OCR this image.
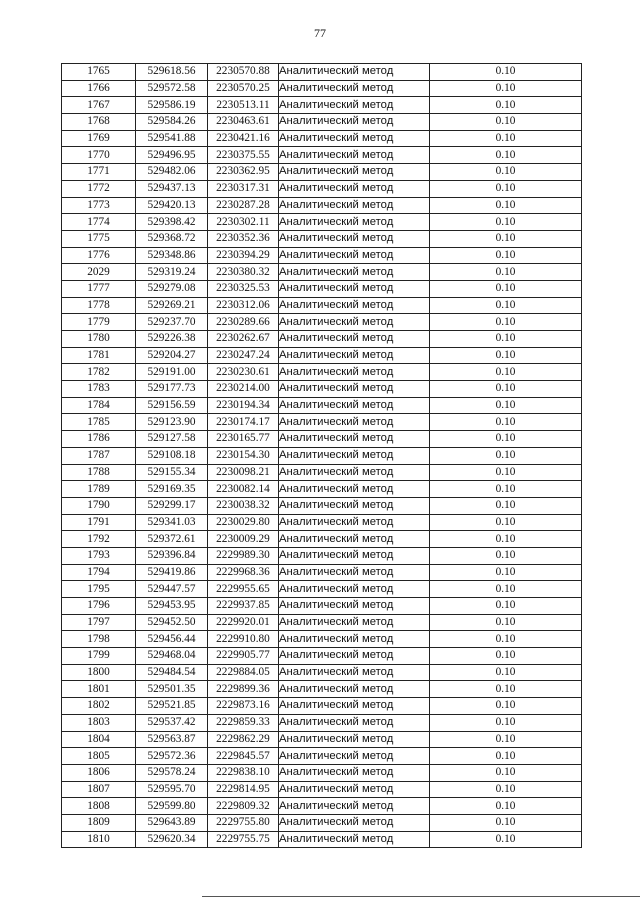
77
1765	529618.56	2230570.88	Аналитический метод	0.10
1766	529572.58	2230570.25	Аналитический метод	0.10
1767	529586.19	2230513.11	Аналитический метод	0.10
1768	529584.26	2230463.61	Аналитический метод	0.10
1769	529541.88	2230421.16	Аналитический метод	0.10
1770	529496.95	2230375.55	Аналитический метод	0.10
1771	529482.06	2230362.95	Аналитический метод	0.10
1772	529437.13	2230317.31	Аналитический метод	0.10
1773	529420.13	2230287.28	Аналитический метод	0.10
1774	529398.42	2230302.11	Аналитический метод	0.10
1775	529368.72	2230352.36	Аналитический метод	0.10
1776	529348.86	2230394.29	Аналитический метод	0.10
2029	529319.24	2230380.32	Аналитический метод	0.10
1777	529279.08	2230325.53	Аналитический метод	0.10
1778	529269.21	2230312.06	Аналитический метод	0.10
1779	529237.70	2230289.66	Аналитический метод	0.10
1780	529226.38	2230262.67	Аналитический метод	0.10
1781	529204.27	2230247.24	Аналитический метод	0.10
1782	529191.00	2230230.61	Аналитический метод	0.10
1783	529177.73	2230214.00	Аналитический метод	0.10
1784	529156.59	2230194.34	Аналитический метод	0.10
1785	529123.90	2230174.17	Аналитический метод	0.10
1786	529127.58	2230165.77	Аналитический метод	0.10
1787	529108.18	2230154.30	Аналитический метод	0.10
1788	529155.34	2230098.21	Аналитический метод	0.10
1789	529169.35	2230082.14	Аналитический метод	0.10
1790	529299.17	2230038.32	Аналитический метод	0.10
1791	529341.03	2230029.80	Аналитический метод	0.10
1792	529372.61	2230009.29	Аналитический метод	0.10
1793	529396.84	2229989.30	Аналитический метод	0.10
1794	529419.86	2229968.36	Аналитический метод	0.10
1795	529447.57	2229955.65	Аналитический метод	0.10
1796	529453.95	2229937.85	Аналитический метод	0.10
1797	529452.50	2229920.01	Аналитический метод	0.10
1798	529456.44	2229910.80	Аналитический метод	0.10
1799	529468.04	2229905.77	Аналитический метод	0.10
1800	529484.54	2229884.05	Аналитический метод	0.10
1801	529501.35	2229899.36	Аналитический метод	0.10
1802	529521.85	2229873.16	Аналитический метод	0.10
1803	529537.42	2229859.33	Аналитический метод	0.10
1804	529563.87	2229862.29	Аналитический метод	0.10
1805	529572.36	2229845.57	Аналитический метод	0.10
1806	529578.24	2229838.10	Аналитический метод	0.10
1807	529595.70	2229814.95	Аналитический метод	0.10
1808	529599.80	2229809.32	Аналитический метод	0.10
1809	529643.89	2229755.80	Аналитический метод	0.10
1810	529620.34	2229755.75	Аналитический метод	0.10
